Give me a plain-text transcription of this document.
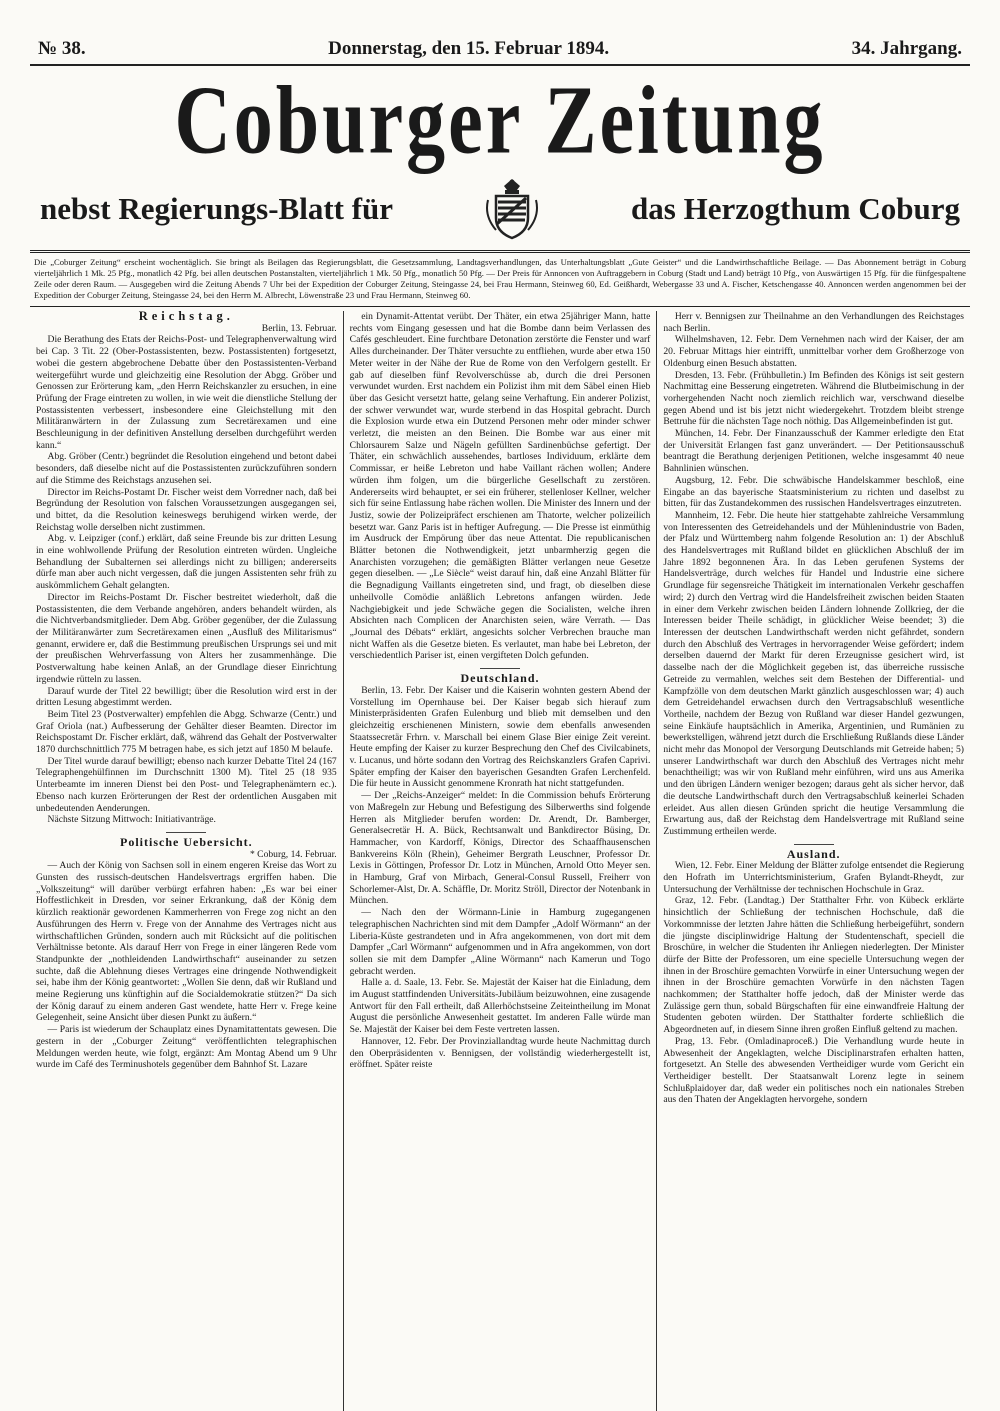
№ 38.	Donnerstag, den 15. Februar 1894.	34. Jahrgang.
Coburger Zeitung
nebst Regierungs-Blatt für	das Herzogthum Coburg
Die „Coburger Zeitung“ erscheint wochentäglich. Sie bringt als Beilagen das Regierungsblatt, die Gesetzsammlung, Landtagsverhandlungen, das Unterhaltungsblatt „Gute Geister“ und die Landwirthschaftliche Beilage. — Das Abonnement beträgt in Coburg vierteljährlich 1 Mk. 25 Pfg., monatlich 42 Pfg. bei allen deutschen Postanstalten, vierteljährlich 1 Mk. 50 Pfg., monatlich 50 Pfg. — Der Preis für Annoncen von Auftraggebern in Coburg (Stadt und Land) beträgt 10 Pfg., von Auswärtigen 15 Pfg. für die fünfgespaltene Zeile oder deren Raum. — Ausgegeben wird die Zeitung Abends 7 Uhr bei der Expedition der Coburger Zeitung, Steingasse 24, bei Frau Hermann, Steinweg 60, Ed. Geißhardt, Webergasse 33 und A. Fischer, Ketschengasse 40. Annoncen werden angenommen bei der Expedition der Coburger Zeitung, Steingasse 24, bei den Herrn M. Albrecht, Löwenstraße 23 und Frau Hermann, Steinweg 60.

Reichstag.

Berlin, 13. Februar.

Die Berathung des Etats der Reichs-Post- und Telegraphenverwaltung wird bei Cap. 3 Tit. 22 (Ober-Postassistenten, bezw. Postassistenten) fortgesetzt, wobei die gestern abgebrochene Debatte über den Postassistenten-Verband weitergeführt wurde und gleichzeitig eine Resolution der Abgg. Gröber und Genossen zur Erörterung kam, „den Herrn Reichskanzler zu ersuchen, in eine Prüfung der Frage eintreten zu wollen, in wie weit die dienstliche Stellung der Postassistenten verbessert, insbesondere eine Gleichstellung mit den Militäranwärtern in der Zulassung zum Secretärexamen und eine Beschleunigung in der definitiven Anstellung derselben durchgeführt werden kann.“

Abg. Gröber (Centr.) begründet die Resolution eingehend und betont dabei besonders, daß dieselbe nicht auf die Postassistenten zurückzuführen sondern auf die Stimme des Reichstags anzusehen sei.

Director im Reichs-Postamt Dr. Fischer weist dem Vorredner nach, daß bei Begründung der Resolution von falschen Voraussetzungen ausgegangen sei, und bittet, da die Resolution keineswegs beruhigend wirken werde, der Reichstag wolle derselben nicht zustimmen.

Abg. v. Leipziger (conf.) erklärt, daß seine Freunde bis zur dritten Lesung in eine wohlwollende Prüfung der Resolution eintreten würden. Ungleiche Behandlung der Subalternen sei allerdings nicht zu billigen; andererseits dürfe man aber auch nicht vergessen, daß die jungen Assistenten sehr früh zu auskömmlichem Gehalt gelangten.

Director im Reichs-Postamt Dr. Fischer bestreitet wiederholt, daß die Postassistenten, die dem Verbande angehören, anders behandelt würden, als die Nichtverbandsmitglieder. Dem Abg. Gröber gegenüber, der die Zulassung der Militäranwärter zum Secretärexamen einen „Ausfluß des Militarismus“ genannt, erwidere er, daß die Bestimmung preußischen Ursprungs sei und mit der preußischen Wehrverfassung von Alters her zusammenhänge. Die Postverwaltung habe keinen Anlaß, an der Grundlage dieser Einrichtung irgendwie rütteln zu lassen.

Darauf wurde der Titel 22 bewilligt; über die Resolution wird erst in der dritten Lesung abgestimmt werden.

Beim Titel 23 (Postverwalter) empfehlen die Abgg. Schwarze (Centr.) und Graf Oriola (nat.) Aufbesserung der Gehälter dieser Beamten. Director im Reichspostamt Dr. Fischer erklärt, daß, während das Gehalt der Postverwalter 1870 durchschnittlich 775 M betragen habe, es sich jetzt auf 1850 M belaufe.

Der Titel wurde darauf bewilligt; ebenso nach kurzer Debatte Titel 24 (167 Telegraphengehülfinnen im Durchschnitt 1300 M). Titel 25 (18 935 Unterbeamte im inneren Dienst bei den Post- und Telegraphenämtern ec.). Ebenso nach kurzen Erörterungen der Rest der ordentlichen Ausgaben mit unbedeutenden Aenderungen.

Nächste Sitzung Mittwoch: Initiativanträge.

Politische Uebersicht.

* Coburg, 14. Februar.

— Auch der König von Sachsen soll in einem engeren Kreise das Wort zu Gunsten des russisch-deutschen Handelsvertrags ergriffen haben. Die „Volkszeitung“ will darüber verbürgt erfahren haben: „Es war bei einer Hoffestlichkeit in Dresden, vor seiner Erkrankung, daß der König dem kürzlich reaktionär gewordenen Kammerherren von Frege zog nicht an den Ausführungen des Herrn v. Frege von der Annahme des Vertrages nicht aus wirthschaftlichen Gründen, sondern auch mit Rücksicht auf die politischen Verhältnisse betonte. Als darauf Herr von Frege in einer längeren Rede vom Standpunkte der „nothleidenden Landwirthschaft“ auseinander zu setzen suchte, daß die Ablehnung dieses Vertrages eine dringende Nothwendigkeit sei, habe ihm der König geantwortet: „Wollen Sie denn, daß wir Rußland und meine Regierung uns künftighin auf die Socialdemokratie stützen?“ Da sich der König darauf zu einem anderen Gast wendete, hatte Herr v. Frege keine Gelegenheit, seine Ansicht über diesen Punkt zu äußern.“

— Paris ist wiederum der Schauplatz eines Dynamitattentats gewesen. Die gestern in der „Coburger Zeitung“ veröffentlichten telegraphischen Meldungen werden heute, wie folgt, ergänzt: Am Montag Abend um 9 Uhr wurde im Café des Terminushotels gegenüber dem Bahnhof St. Lazare

ein Dynamit-Attentat verübt. Der Thäter, ein etwa 25jähriger Mann, hatte rechts vom Eingang gesessen und hat die Bombe dann beim Verlassen des Cafés geschleudert. Eine furchtbare Detonation zerstörte die Fenster und warf Alles durcheinander. Der Thäter versuchte zu entfliehen, wurde aber etwa 150 Meter weiter in der Nähe der Rue de Rome von den Verfolgern gestellt. Er gab auf dieselben fünf Revolverschüsse ab, durch die drei Personen verwundet wurden. Erst nachdem ein Polizist ihm mit dem Säbel einen Hieb über das Gesicht versetzt hatte, gelang seine Verhaftung. Ein anderer Polizist, der schwer verwundet war, wurde sterbend in das Hospital gebracht. Durch die Explosion wurde etwa ein Dutzend Personen mehr oder minder schwer verletzt, die meisten an den Beinen. Die Bombe war aus einer mit Chlorsaurem Salze und Nägeln gefüllten Sardinenbüchse gefertigt. Der Thäter, ein schwächlich aussehendes, bartloses Individuum, erklärte dem Commissar, er heiße Lebreton und habe Vaillant rächen wollen; Andere würden ihm folgen, um die bürgerliche Gesellschaft zu zerstören. Andererseits wird behauptet, er sei ein früherer, stellenloser Kellner, welcher sich für seine Entlassung habe rächen wollen. Die Minister des Innern und der Justiz, sowie der Polizeipräfect erschienen am Thatorte, welcher polizeilich besetzt war. Ganz Paris ist in heftiger Aufregung. — Die Presse ist einmüthig im Ausdruck der Empörung über das neue Attentat. Die republicanischen Blätter betonen die Nothwendigkeit, jetzt unbarmherzig gegen die Anarchisten vorzugehen; die gemäßigten Blätter verlangen neue Gesetze gegen dieselben. — „Le Siècle“ weist darauf hin, daß eine Anzahl Blätter für die Begnadigung Vaillants eingetreten sind, und fragt, ob dieselben diese unheilvolle Comödie anläßlich Lebretons anfangen würden. Jede Nachgiebigkeit und jede Schwäche gegen die Socialisten, welche ihren Absichten nach Complicen der Anarchisten seien, wäre Verrath. — Das „Journal des Débats“ erklärt, angesichts solcher Verbrechen brauche man nicht Waffen als die Gesetze bieten. Es verlautet, man habe bei Lebreton, der verschiedentlich Pariser ist, einen vergifteten Dolch gefunden.

Deutschland.

Berlin, 13. Febr. Der Kaiser und die Kaiserin wohnten gestern Abend der Vorstellung im Opernhause bei. Der Kaiser begab sich hierauf zum Ministerpräsidenten Grafen Eulenburg und blieb mit demselben und den gleichzeitig erschienenen Ministern, sowie dem ebenfalls anwesenden Staatssecretär Frhrn. v. Marschall bei einem Glase Bier einige Zeit vereint. Heute empfing der Kaiser zu kurzer Besprechung den Chef des Civilcabinets, v. Lucanus, und hörte sodann den Vortrag des Reichskanzlers Grafen Caprivi. Später empfing der Kaiser den bayerischen Gesandten Grafen Lerchenfeld. Die für heute in Aussicht genommene Kronrath hat nicht stattgefunden.

— Der „Reichs-Anzeiger“ meldet: In die Commission behufs Erörterung von Maßregeln zur Hebung und Befestigung des Silberwerths sind folgende Herren als Mitglieder berufen worden: Dr. Arendt, Dr. Bamberger, Generalsecretär H. A. Bück, Rechtsanwalt und Bankdirector Büsing, Dr. Hammacher, von Kardorff, Königs, Director des Schaaffhausenschen Bankvereins Köln (Rhein), Geheimer Bergrath Leuschner, Professor Dr. Lexis in Göttingen, Professor Dr. Lotz in München, Arnold Otto Meyer sen. in Hamburg, Graf von Mirbach, General-Consul Russell, Freiherr von Schorlemer-Alst, Dr. A. Schäffle, Dr. Moritz Ströll, Director der Notenbank in München.

— Nach den der Wörmann-Linie in Hamburg zugegangenen telegraphischen Nachrichten sind mit dem Dampfer „Adolf Wörmann“ an der Liberia-Küste gestrandeten und in Afra angekommenen, von dort mit dem Dampfer „Carl Wörmann“ aufgenommen und in Afra angekommen, von dort sollen sie mit dem Dampfer „Aline Wörmann“ nach Kamerun und Togo gebracht werden.

Halle a. d. Saale, 13. Febr. Se. Majestät der Kaiser hat die Einladung, dem im August stattfindenden Universitäts-Jubiläum beizuwohnen, eine zusagende Antwort für den Fall ertheilt, daß Allerhöchstseine Zeiteintheilung im Monat August die persönliche Anwesenheit gestattet. Im anderen Falle würde man Se. Majestät der Kaiser bei dem Feste vertreten lassen.

Hannover, 12. Febr. Der Provinziallandtag wurde heute Nachmittag durch den Oberpräsidenten v. Bennigsen, der vollständig wiederhergestellt ist, eröffnet. Später reiste

Herr v. Bennigsen zur Theilnahme an den Verhandlungen des Reichstages nach Berlin.

Wilhelmshaven, 12. Febr. Dem Vernehmen nach wird der Kaiser, der am 20. Februar Mittags hier eintrifft, unmittelbar vorher dem Großherzoge von Oldenburg einen Besuch abstatten.

Dresden, 13. Febr. (Frühbulletin.) Im Befinden des Königs ist seit gestern Nachmittag eine Besserung eingetreten. Während die Blutbeimischung in der vorhergehenden Nacht noch ziemlich reichlich war, verschwand dieselbe gegen Abend und ist bis jetzt nicht wiedergekehrt. Trotzdem bleibt strenge Bettruhe für die nächsten Tage noch nöthig. Das Allgemeinbefinden ist gut.

München, 14. Febr. Der Finanzausschuß der Kammer erledigte den Etat der Universität Erlangen fast ganz unverändert. — Der Petitionsausschuß beantragt die Berathung derjenigen Petitionen, welche insgesammt 40 neue Bahnlinien wünschen.

Augsburg, 12. Febr. Die schwäbische Handelskammer beschloß, eine Eingabe an das bayerische Staatsministerium zu richten und daselbst zu bitten, für das Zustandekommen des russischen Handelsvertrages einzutreten.

Mannheim, 12. Febr. Die heute hier stattgehabte zahlreiche Versammlung von Interessenten des Getreidehandels und der Mühlenindustrie von Baden, der Pfalz und Württemberg nahm folgende Resolution an: 1) der Abschluß des Handelsvertrages mit Rußland bildet en glücklichen Abschluß der im Jahre 1892 begonnenen Ära. In das Leben gerufenen Systems der Handelsverträge, durch welches für Handel und Industrie eine sichere Grundlage für segensreiche Thätigkeit im internationalen Verkehr geschaffen wird; 2) durch den Vertrag wird die Handelsfreiheit zwischen beiden Staaten in einer dem Verkehr zwischen beiden Ländern lohnende Zollkrieg, der die Interessen beider Theile schädigt, in glücklicher Weise beendet; 3) die Interessen der deutschen Landwirthschaft werden nicht gefährdet, sondern durch den Abschluß des Vertrages in hervorragender Weise gefördert; indem derselben dauernd der Markt für deren Erzeugnisse gesichert wird, ist dasselbe nach der die Möglichkeit gegeben ist, das überreiche russische Getreide zu vermahlen, welches seit dem Bestehen der Differential- und Kampfzölle von dem deutschen Markt gänzlich ausgeschlossen war; 4) auch dem Getreidehandel erwachsen durch den Vertragsabschluß wesentliche Vortheile, nachdem der Bezug von Rußland war dieser Handel gezwungen, seine Einkäufe hauptsächlich in Amerika, Argentinien, und Rumänien zu bewerkstelligen, während jetzt durch die Erschließung Rußlands diese Länder nicht mehr das Monopol der Versorgung Deutschlands mit Getreide haben; 5) unserer Landwirthschaft war durch den Abschluß des Vertrages nicht mehr benachtheiligt; was wir von Rußland mehr einführen, wird uns aus Amerika und den übrigen Ländern weniger bezogen; daraus geht als sicher hervor, daß die deutsche Landwirthschaft durch den Vertragsabschluß keinerlei Schaden erleidet. Aus allen diesen Gründen spricht die heutige Versammlung die Erwartung aus, daß der Reichstag dem Handelsvertrage mit Rußland seine Zustimmung ertheilen werde.

Ausland.

Wien, 12. Febr. Einer Meldung der Blätter zufolge entsendet die Regierung den Hofrath im Unterrichtsministerium, Grafen Bylandt-Rheydt, zur Untersuchung der Verhältnisse der technischen Hochschule in Graz.

Graz, 12. Febr. (Landtag.) Der Statthalter Frhr. von Kübeck erklärte hinsichtlich der Schließung der technischen Hochschule, daß die Vorkommnisse der letzten Jahre hätten die Schließung herbeigeführt, sondern die jüngste disciplinwidrige Haltung der Studentenschaft, speciell die Broschüre, in welcher die Studenten ihr Anliegen niederlegten. Der Minister dürfe der Bitte der Professoren, um eine specielle Untersuchung wegen der ihnen in der Broschüre gemachten Vorwürfe in einer Untersuchung wegen der ihnen in der Broschüre gemachten Vorwürfe in den nächsten Tagen nachkommen; der Statthalter hoffe jedoch, daß der Minister werde das Zulässige gern thun, sobald Bürgschaften für eine einwandfreie Haltung der Studenten geboten würden. Der Statthalter forderte schließlich die Abgeordneten auf, in diesem Sinne ihren großen Einfluß geltend zu machen.

Prag, 13. Febr. (Omladinaproceß.) Die Verhandlung wurde heute in Abwesenheit der Angeklagten, welche Disciplinarstrafen erhalten hatten, fortgesetzt. An Stelle des abwesenden Vertheidiger wurde vom Gericht ein Vertheidiger bestellt. Der Staatsanwalt Lorenz legte in seinem Schlußplaidoyer dar, daß weder ein politisches noch ein nationales Streben aus den Thaten der Angeklagten hervorgehe, sondern
